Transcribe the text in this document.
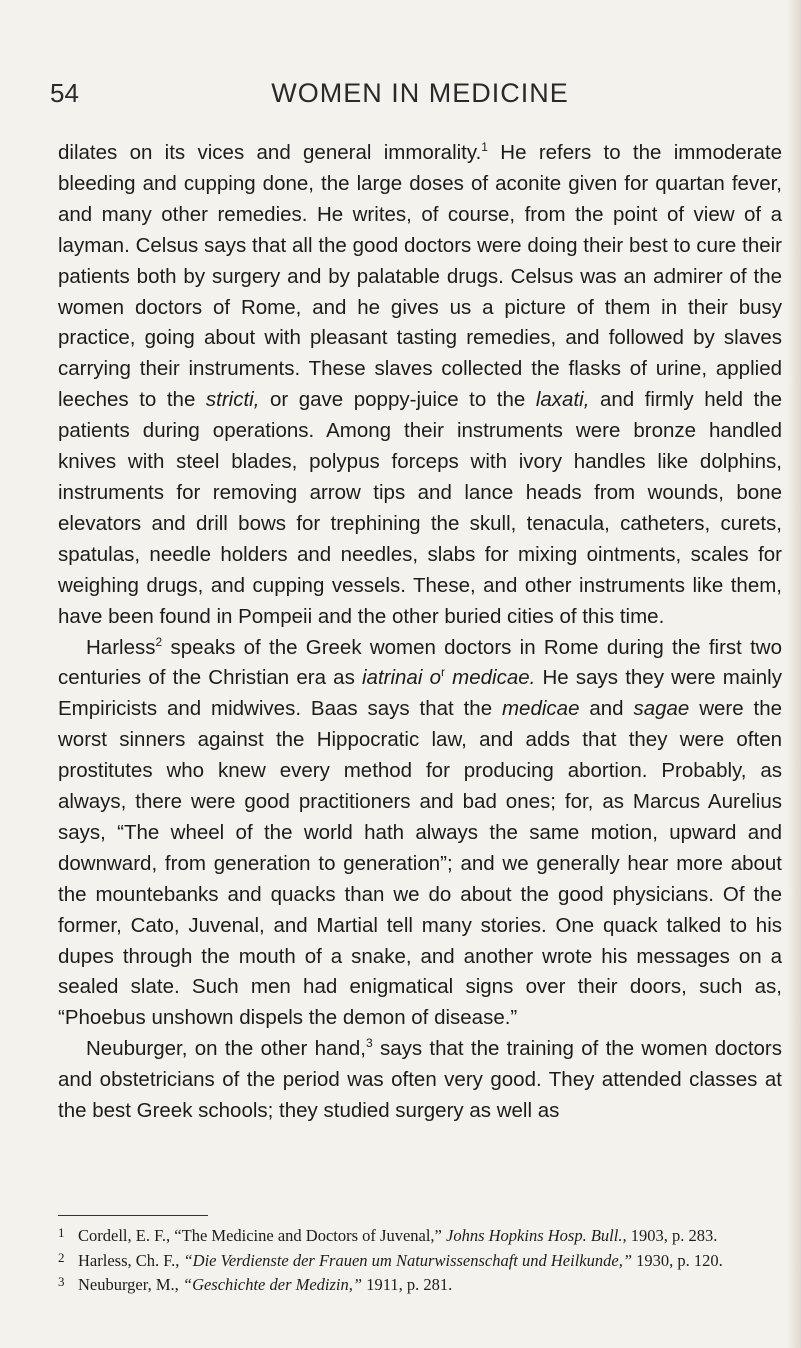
54	WOMEN IN MEDICINE

dilates on its vices and general immorality.$^1$ He refers to the immoderate bleeding and cupping done, the large doses of aconite given for quartan fever, and many other remedies. He writes, of course, from the point of view of a layman. Celsus says that all the good doctors were doing their best to cure their patients both by surgery and by palatable drugs. Celsus was an admirer of the women doctors of Rome, and he gives us a picture of them in their busy practice, going about with pleasant tasting remedies, and followed by slaves carrying their instruments. These slaves collected the flasks of urine, applied leeches to the stricti, or gave poppy-juice to the laxati, and firmly held the patients during operations. Among their instruments were bronze handled knives with steel blades, polypus forceps with ivory handles like dolphins, instruments for removing arrow tips and lance heads from wounds, bone elevators and drill bows for trephining the skull, tenacula, catheters, curets, spatulas, needle holders and needles, slabs for mixing ointments, scales for weighing drugs, and cupping vessels. These, and other instruments like them, have been found in Pompeii and the other buried cities of this time.

Harless$^2$ speaks of the Greek women doctors in Rome during the first two centuries of the Christian era as iatrinai $o^r$ medicae. He says they were mainly Empiricists and midwives. Baas says that the medicae and sagae were the worst sinners against the Hippocratic law, and adds that they were often prostitutes who knew every method for producing abortion. Probably, as always, there were good practitioners and bad ones; for, as Marcus Aurelius says, “The wheel of the world hath always the same motion, upward and downward, from generation to generation”; and we generally hear more about the mountebanks and quacks than we do about the good physicians. Of the former, Cato, Juvenal, and Martial tell many stories. One quack talked to his dupes through the mouth of a snake, and another wrote his messages on a sealed slate. Such men had enigmatical signs over their doors, such as, “Phoebus unshown dispels the demon of disease.”

Neuburger, on the other hand,$^3$ says that the training of the women doctors and obstetricians of the period was often very good. They attended classes at the best Greek schools; they studied surgery as well as

1 Cordell, E. F., “The Medicine and Doctors of Juvenal,” Johns Hopkins Hosp. Bull., 1903, p. 283.

2 Harless, Ch. F., “Die Verdienste der Frauen um Naturwissenschaft und Heilkunde,” 1930, p. 120.

3 Neuburger, M., “Geschichte der Medizin,” 1911, p. 281.
